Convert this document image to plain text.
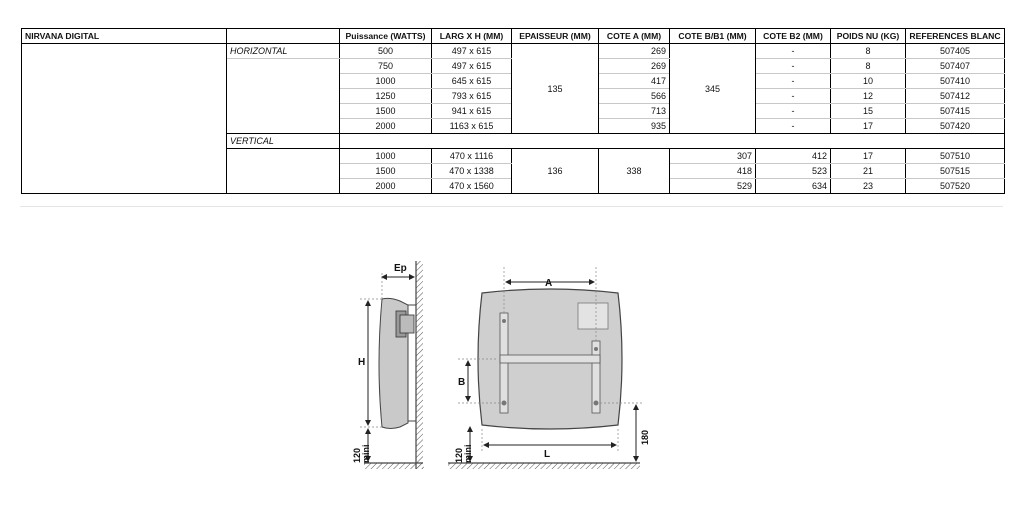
NIRVANA DIGITAL		Puissance (WATTS)	LARG X H (MM)	EPAISSEUR (MM)	COTE A (MM)	COTE B/B1 (MM)	COTE B2 (MM)	POIDS NU (KG)	REFERENCES BLANC
	HORIZONTAL	500	497 x 615	135	269	345	-	8	507405
		750	497 x 615		269		-	8	507407
		1000	645 x 615		417		-	10	507410
		1250	793 x 615		566		-	12	507412
		1500	941 x 615		713		-	15	507415
		2000	1163 x 615		935		-	17	507420
	VERTICAL								
		1000	470 x 1116	136	338	307	412	17	507510
		1500	470 x 1338			418	523	21	507515
		2000	470 x 1560			529	634	23	507520
Ep
H
120 mini
A
B
L
120 mini
180
